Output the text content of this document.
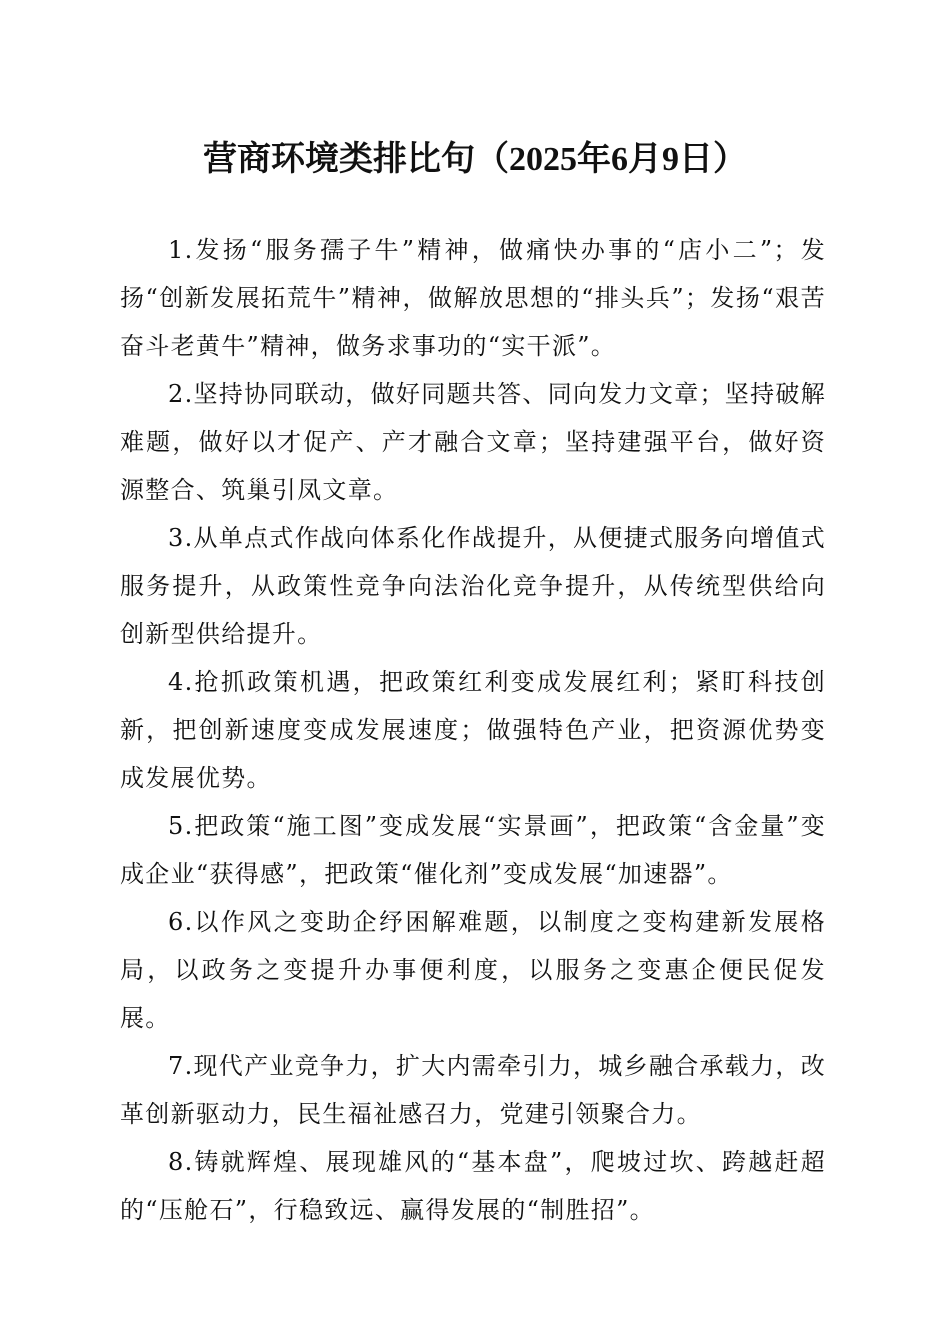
营商环境类排比句（2025年6月9日）

1.发扬“服务孺子牛”精神，做痛快办事的“店小二”；发扬“创新发展拓荒牛”精神，做解放思想的“排头兵”；发扬“艰苦奋斗老黄牛”精神，做务求事功的“实干派”。

2.坚持协同联动，做好同题共答、同向发力文章；坚持破解难题，做好以才促产、产才融合文章；坚持建强平台，做好资源整合、筑巢引凤文章。

3.从单点式作战向体系化作战提升，从便捷式服务向增值式服务提升，从政策性竞争向法治化竞争提升，从传统型供给向创新型供给提升。

4.抢抓政策机遇，把政策红利变成发展红利；紧盯科技创新，把创新速度变成发展速度；做强特色产业，把资源优势变成发展优势。

5.把政策“施工图”变成发展“实景画”，把政策“含金量”变成企业“获得感”，把政策“催化剂”变成发展“加速器”。

6.以作风之变助企纾困解难题，以制度之变构建新发展格局，以政务之变提升办事便利度，以服务之变惠企便民促发展。

7.现代产业竞争力，扩大内需牵引力，城乡融合承载力，改革创新驱动力，民生福祉感召力，党建引领聚合力。

8.铸就辉煌、展现雄风的“基本盘”，爬坡过坎、跨越赶超的“压舱石”，行稳致远、赢得发展的“制胜招”。
